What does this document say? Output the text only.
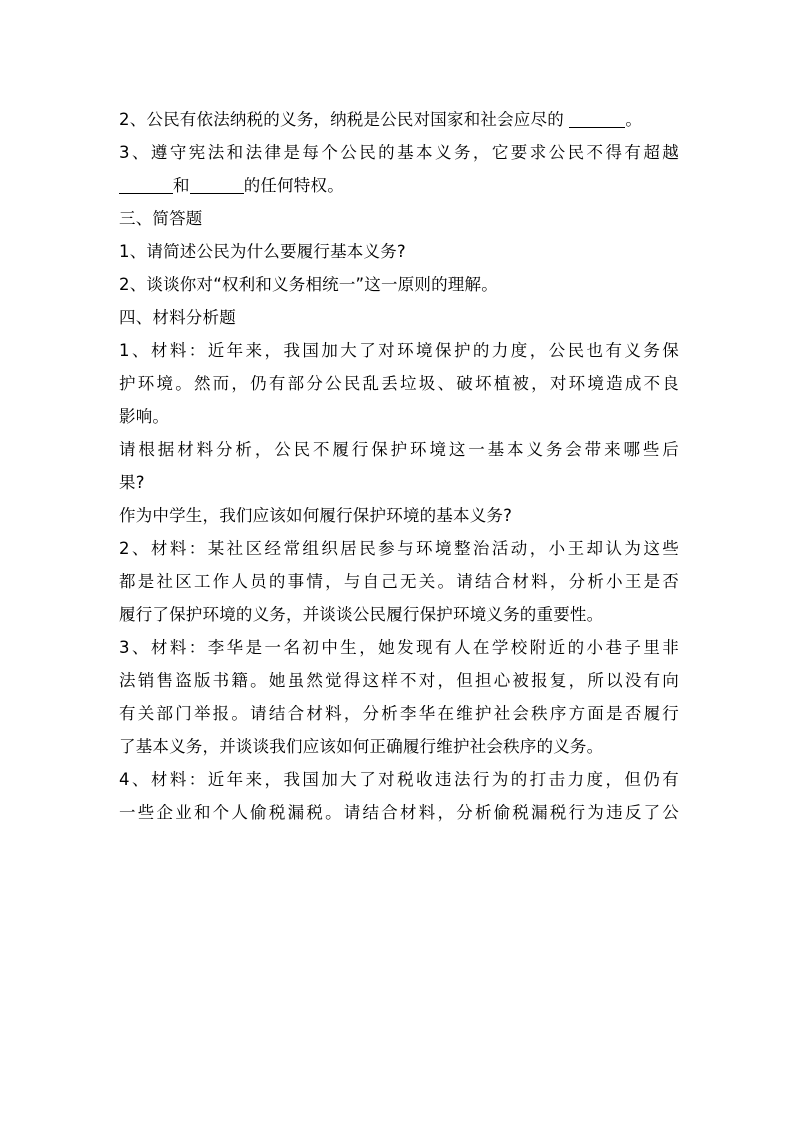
2、公民有依法纳税的义务，纳税是公民对国家和社会应尽的	。

3、遵守宪法和法律是每个公民的基本义务，它要求公民不得有超越

和	的任何特权。

三、简答题

1、请简述公民为什么要履行基本义务?

2、谈谈你对“权利和义务相统一”这一原则的理解。

四、材料分析题

1、材料：近年来，我国加大了对环境保护的力度，公民也有义务保

护环境。然而，仍有部分公民乱丢垃圾、破坏植被，对环境造成不良

影响。

请根据材料分析，公民不履行保护环境这一基本义务会带来哪些后

果?

作为中学生，我们应该如何履行保护环境的基本义务?

2、材料：某社区经常组织居民参与环境整治活动，小王却认为这些

都是社区工作人员的事情，与自己无关。请结合材料，分析小王是否

履行了保护环境的义务，并谈谈公民履行保护环境义务的重要性。

3、材料：李华是一名初中生，她发现有人在学校附近的小巷子里非

法销售盗版书籍。她虽然觉得这样不对，但担心被报复，所以没有向

有关部门举报。请结合材料，分析李华在维护社会秩序方面是否履行

了基本义务，并谈谈我们应该如何正确履行维护社会秩序的义务。

4、材料：近年来，我国加大了对税收违法行为的打击力度，但仍有

一些企业和个人偷税漏税。请结合材料，分析偷税漏税行为违反了公
